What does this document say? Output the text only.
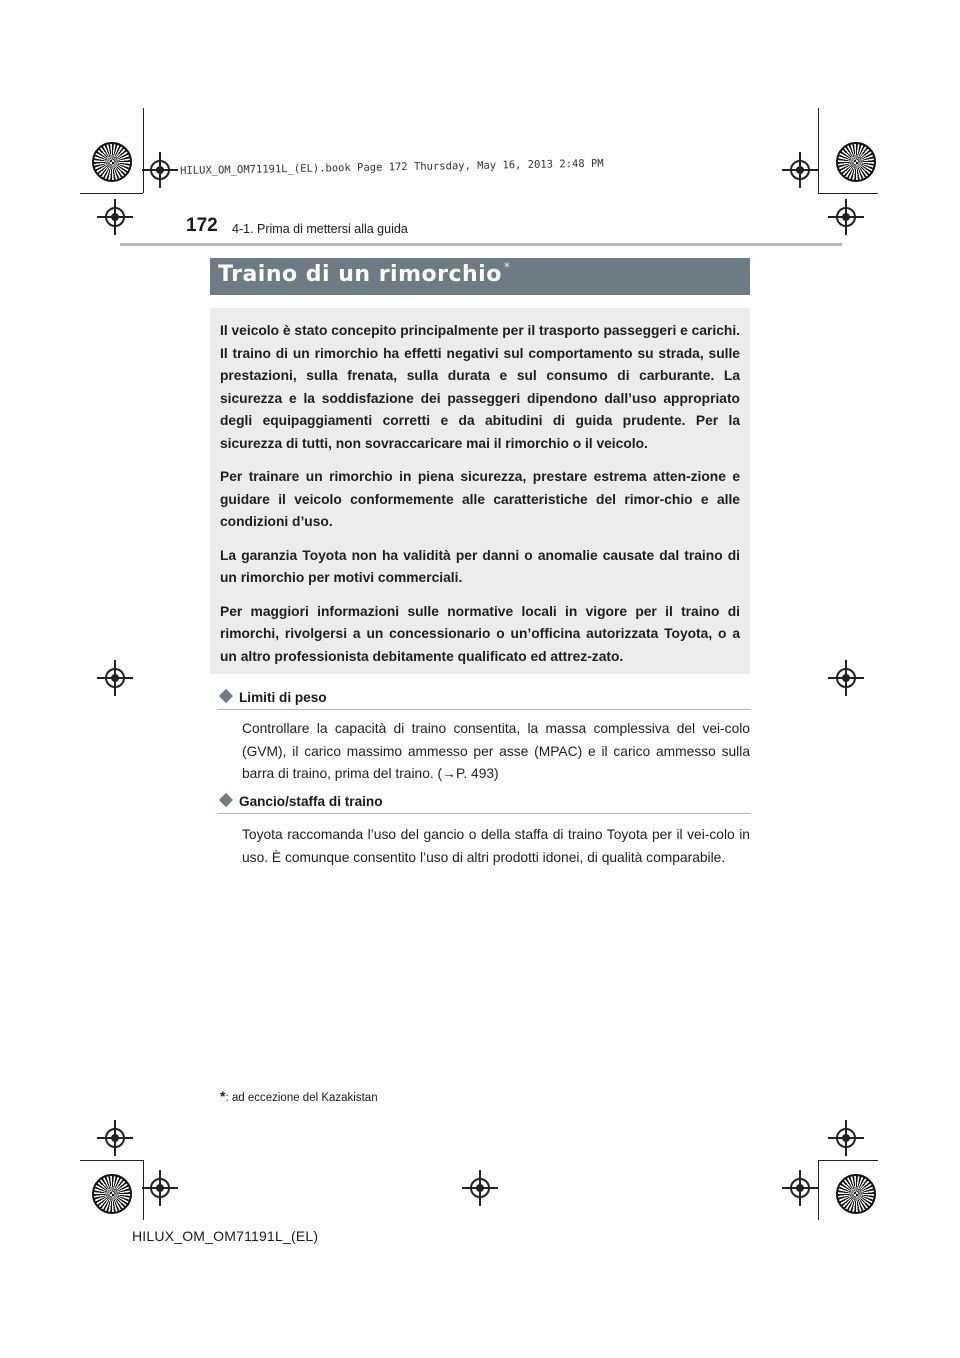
HILUX_OM_OM71191L_(EL).book Page 172 Thursday, May 16, 2013 2:48 PM
172 4-1. Prima di mettersi alla guida
Traino di un rimorchio *

Il veicolo è stato concepito principalmente per il trasporto passeggeri e carichi. Il traino di un rimorchio ha effetti negativi sul comportamento su strada, sulle prestazioni, sulla frenata, sulla durata e sul consumo di carburante. La sicurezza e la soddisfazione dei passeggeri dipendono dall’uso appropriato degli equipaggiamenti corretti e da abitudini di guida prudente. Per la sicurezza di tutti, non sovraccaricare mai il rimorchio o il veicolo.

Per trainare un rimorchio in piena sicurezza, prestare estrema atten-zione e guidare il veicolo conformemente alle caratteristiche del rimor-chio e alle condizioni d’uso.

La garanzia Toyota non ha validità per danni o anomalie causate dal traino di un rimorchio per motivi commerciali.

Per maggiori informazioni sulle normative locali in vigore per il traino di rimorchi, rivolgersi a un concessionario o un’officina autorizzata Toyota, o a un altro professionista debitamente qualificato ed attrez-zato.

Limiti di peso
Controllare la capacità di traino consentita, la massa complessiva del vei-colo (GVM), il carico massimo ammesso per asse (MPAC) e il carico ammesso sulla barra di traino, prima del traino. (→P. 493)
Gancio/staffa di traino
Toyota raccomanda l’uso del gancio o della staffa di traino Toyota per il vei-colo in uso. È comunque consentito l’uso di altri prodotti idonei, di qualità comparabile.
*: ad eccezione del Kazakistan
HILUX_OM_OM71191L_(EL)
